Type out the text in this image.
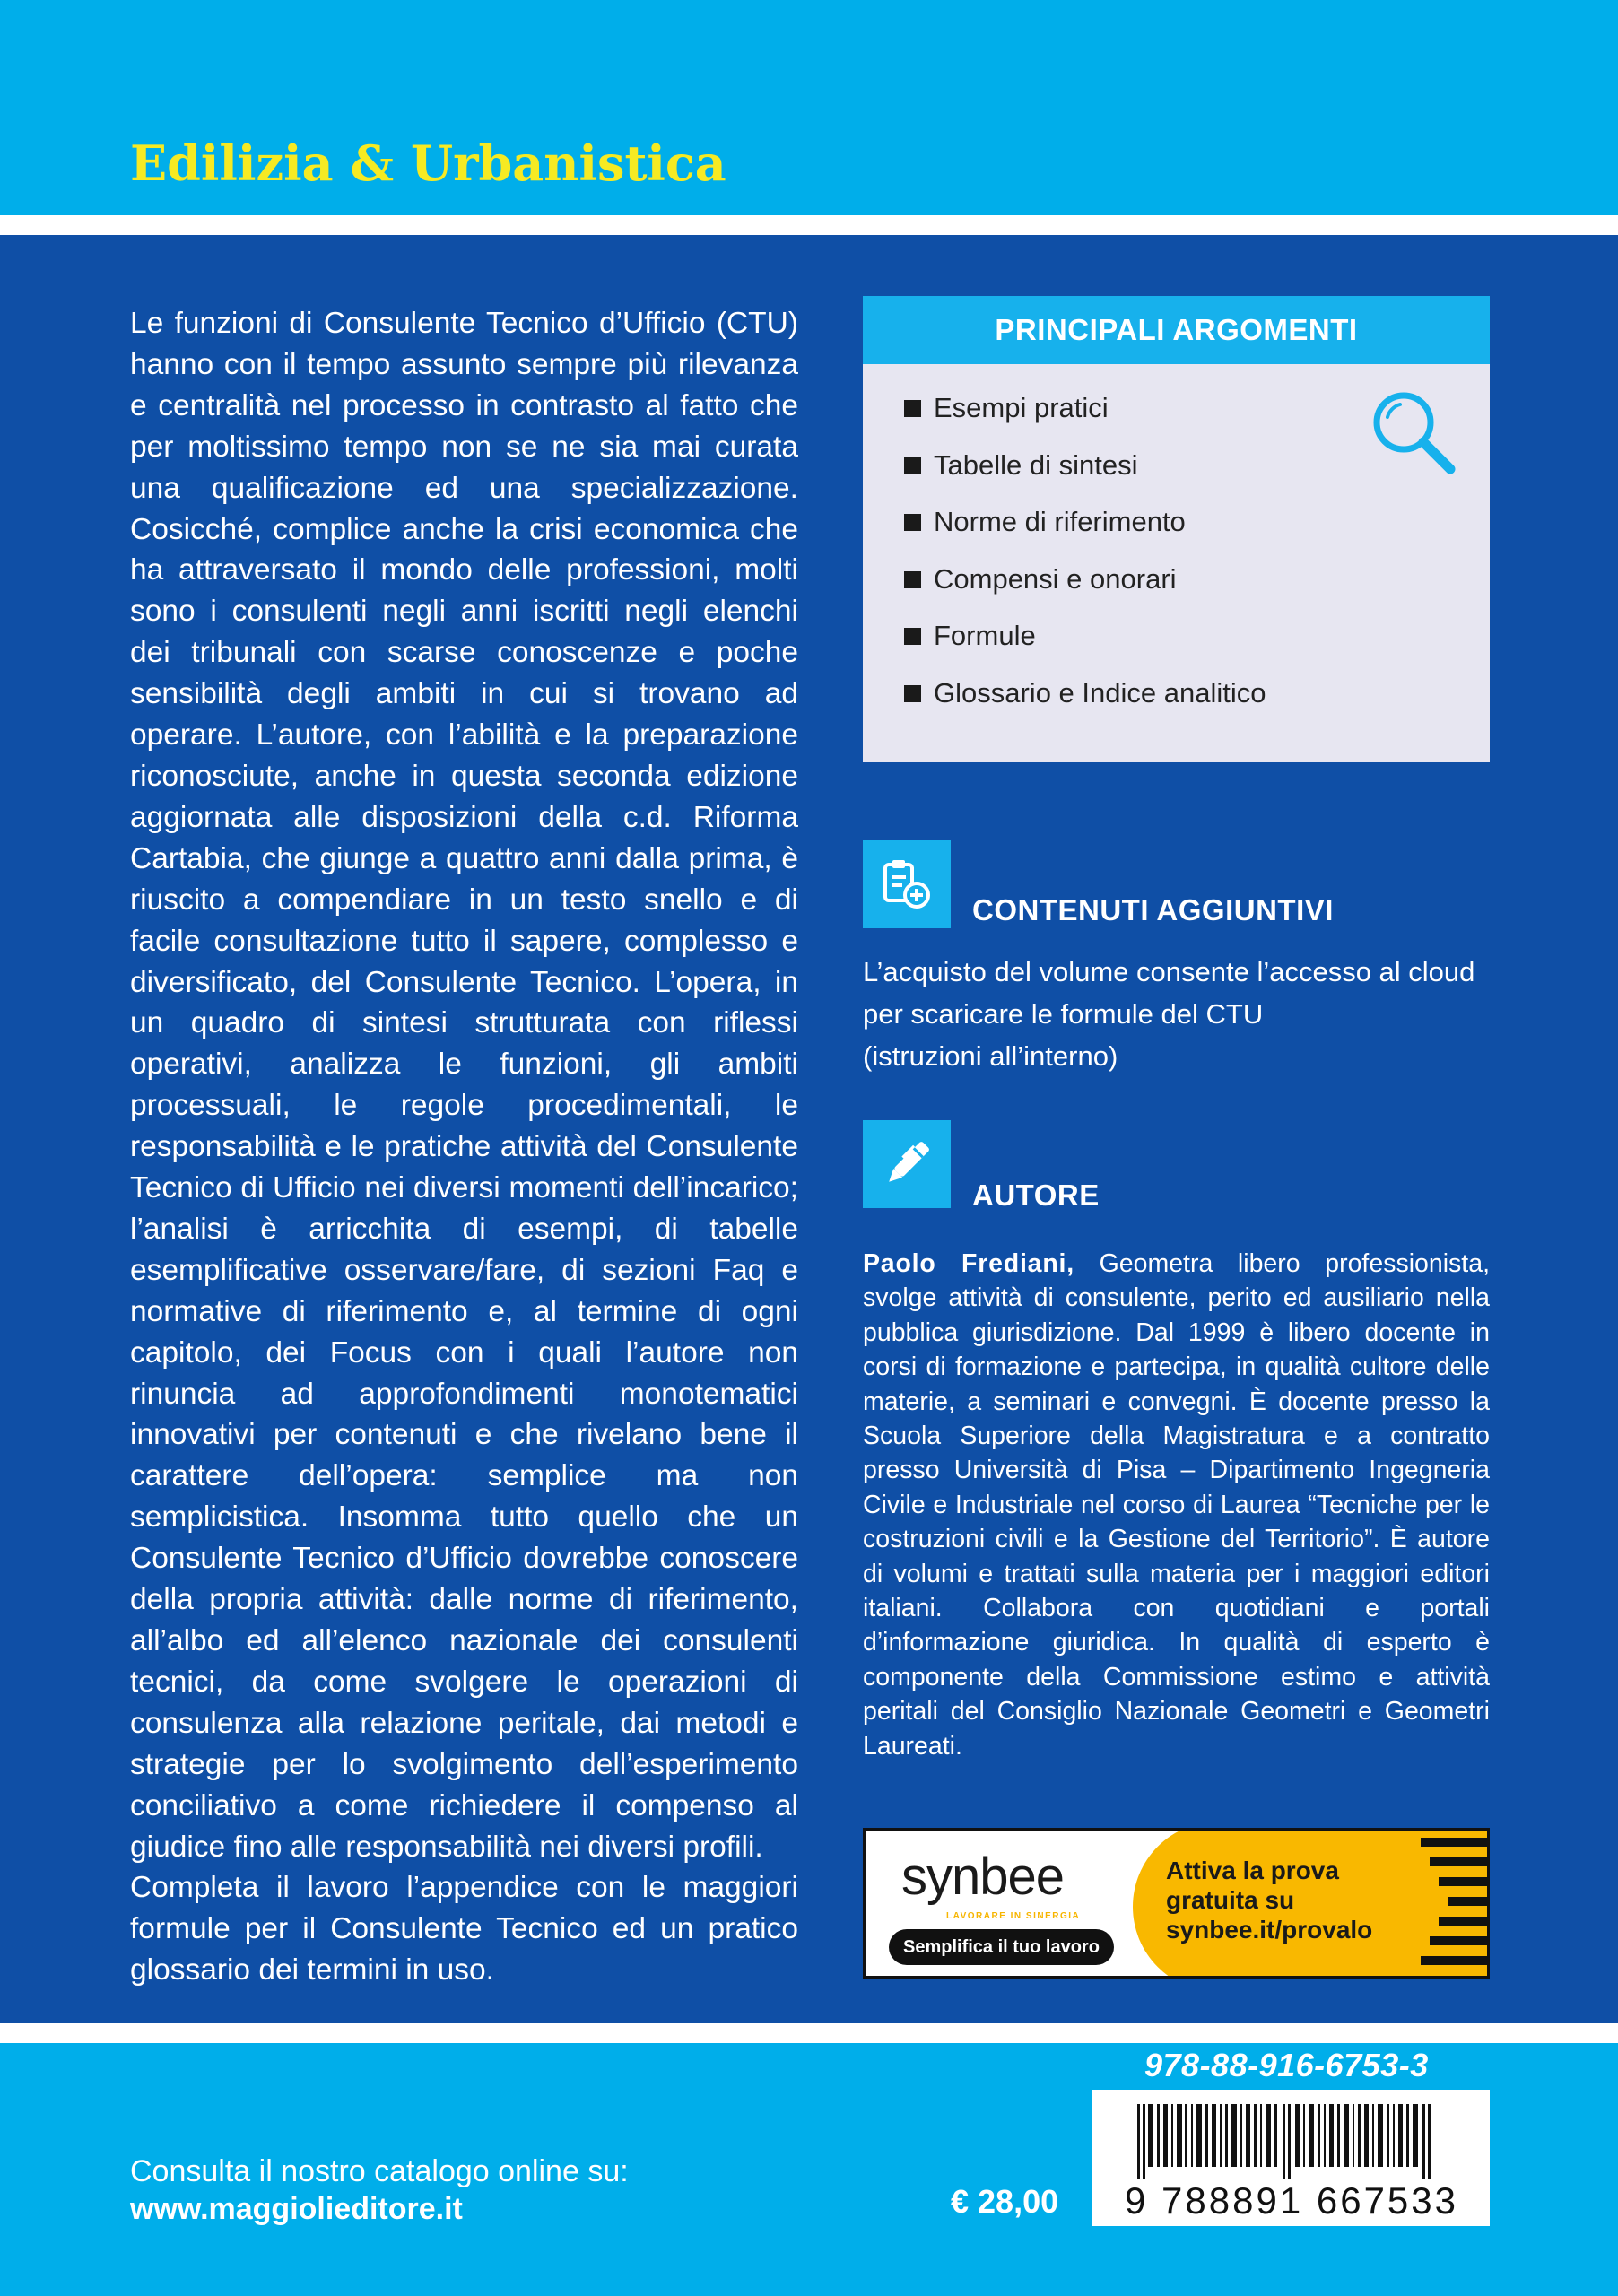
Edilizia & Urbanistica

Le funzioni di Consulente Tecnico d’Ufficio (CTU) hanno con il tempo assunto sempre più rilevanza e centralità nel processo in contrasto al fatto che per moltissimo tempo non se ne sia mai curata una qualificazione ed una specializzazione. Cosicché, complice anche la crisi economica che ha attraversato il mondo delle professioni, molti sono i consulenti negli anni iscritti negli elenchi dei tribunali con scarse conoscenze e poche sensibilità degli ambiti in cui si trovano ad operare. L’autore, con l’abilità e la preparazione riconosciute, anche in questa seconda edizione aggiornata alle disposizioni della c.d. Riforma Cartabia, che giunge a quattro anni dalla prima, è riuscito a compendiare in un testo snello e di facile consultazione tutto il sapere, complesso e diversificato, del Consulente Tecnico. L’opera, in un quadro di sintesi strutturata con riflessi operativi, analizza le funzioni, gli ambiti processuali, le regole procedimentali, le responsabilità e le pratiche attività del Consulente Tecnico di Ufficio nei diversi momenti dell’incarico; l’analisi è arricchita di esempi, di tabelle esemplificative osservare/fare, di sezioni Faq e normative di riferimento e, al termine di ogni capitolo, dei Focus con i quali l’autore non rinuncia ad approfondimenti monotematici innovativi per contenuti e che rivelano bene il carattere dell’opera: semplice ma non semplicistica. Insomma tutto quello che un Consulente Tecnico d’Ufficio dovrebbe conoscere della propria attività: dalle norme di riferimento, all’albo ed all’elenco nazionale dei consulenti tecnici, da come svolgere le operazioni di consulenza alla relazione peritale, dai metodi e strategie per lo svolgimento dell’esperimento conciliativo a come richiedere il compenso al giudice fino alle responsabilità nei diversi profili.

Completa il lavoro l’appendice con le maggiori formule per il Consulente Tecnico ed un pratico glossario dei termini in uso.

PRINCIPALI ARGOMENTI
Esempi pratici
Tabelle di sintesi
Norme di riferimento
Compensi e onorari
Formule
Glossario e Indice analitico
CONTENUTI AGGIUNTIVI
L’acquisto del volume consente l’accesso al cloud
per scaricare le formule del CTU
(istruzioni all’interno)
AUTORE
Paolo Frediani, Geometra libero professionista, svolge attività di consulente, perito ed ausiliario nella pubblica giurisdizione. Dal 1999 è libero docente in corsi di formazione e partecipa, in qualità cultore delle materie, a seminari e convegni. È docente presso la Scuola Superiore della Magistratura e a contratto presso Università di Pisa – Dipartimento Ingegneria Civile e Industriale nel corso di Laurea “Tecniche per le costruzioni civili e la Gestione del Territorio”. È autore di volumi e trattati sulla materia per i maggiori editori italiani. Collabora con quotidiani e portali d’informazione giuridica. In qualità di esperto è componente della Commissione estimo e attività peritali del Consiglio Nazionale Geometri e Geometri Laureati.
synbee
LAVORARE IN SINERGIA
Semplifica il tuo lavoro
Attiva la prova
gratuita su
synbee.it/provalo
978-88-916-6753-3
9 788891 667533
€ 28,00
Consulta il nostro catalogo online su:
www.maggiolieditore.it
